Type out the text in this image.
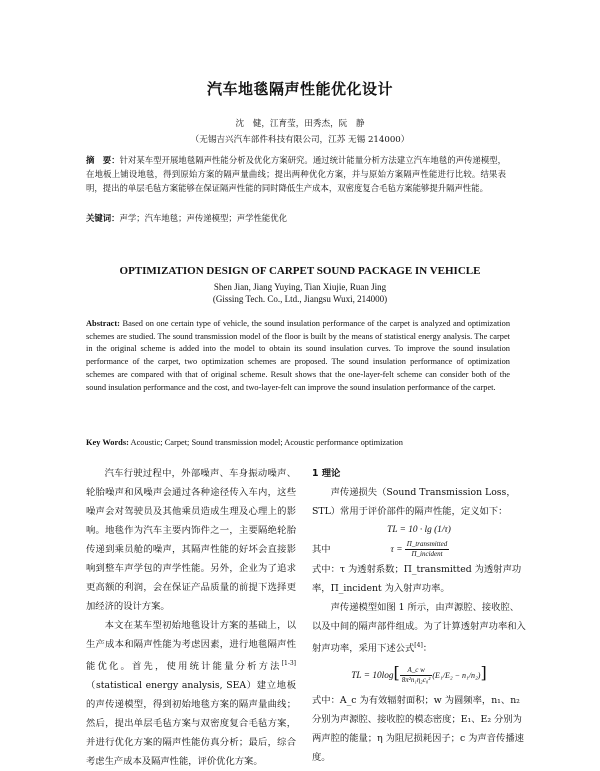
汽车地毯隔声性能优化设计
沈　健，江育莹，田秀杰，阮　静
（无锡吉兴汽车部件科技有限公司，江苏 无锡 214000）
摘　要：针对某车型开展地毯隔声性能分析及优化方案研究。通过统计能量分析方法建立汽车地毯的声传递模型，在地板上铺设地毯，得到原始方案的隔声量曲线；提出两种优化方案，并与原始方案隔声性能进行比较。结果表明，提出的单层毛毡方案能够在保证隔声性能的同时降低生产成本，双密度复合毛毡方案能够提升隔声性能。
关键词：声学；汽车地毯；声传递模型；声学性能优化
OPTIMIZATION DESIGN OF CARPET SOUND PACKAGE IN VEHICLE
Shen Jian, Jiang Yuying, Tian Xiujie, Ruan Jing
(Gissing Tech. Co., Ltd., Jiangsu Wuxi, 214000)
Abstract: Based on one certain type of vehicle, the sound insulation performance of the carpet is analyzed and optimization schemes are studied. The sound transmission model of the floor is built by the means of statistical energy analysis. The carpet in the original scheme is added into the model to obtain its sound insulation curves. To improve the sound insulation performance of the carpet, two optimization schemes are proposed. The sound insulation performance of optimization schemes are compared with that of original scheme. Result shows that the one-layer-felt scheme can consider both of the sound insulation performance and the cost, and two-layer-felt can improve the sound insulation performance of the carpet.
Key Words: Acoustic; Carpet; Sound transmission model; Acoustic performance optimization

汽车行驶过程中，外部噪声、车身振动噪声、轮胎噪声和风噪声会通过各种途径传入车内，这些噪声会对驾驶员及其他乘员造成生理及心理上的影响。地毯作为汽车主要内饰件之一，主要隔绝轮胎传递到乘员舱的噪声，其隔声性能的好坏会直接影响到整车声学包的声学性能。另外，企业为了追求更高额的利润，会在保证产品质量的前提下选择更加经济的设计方案。

本文在某车型初始地毯设计方案的基础上，以生产成本和隔声性能为考虑因素，进行地毯隔声性能优化。首先，使用统计能量分析方法[1-3]（statistical energy analysis, SEA）建立地板的声传递模型，得到初始地毯方案的隔声量曲线；然后，提出单层毛毡方案与双密度复合毛毡方案，并进行优化方案的隔声性能仿真分析；最后，综合考虑生产成本及隔声性能，评价优化方案。

1 理论

声传递损失（Sound Transmission Loss，STL）常用于评价部件的隔声性能，定义如下：

TL = 10 · lg (1/τ)

其中	$\tau = \frac{\text{Π\_transmitted}}{\text{Π\_incident}}$

式中：τ 为透射系数；Π_transmitted 为透射声功率，Π_incident 为入射声功率。

声传递模型如图 1 所示，由声源腔、接收腔、以及中间的隔声部件组成。为了计算透射声功率和入射声功率，采用下述公式[4]：

TL = $10\log[ \frac{\text{A\_c w}}{\text{8π²n₁η₂c₀²}} (E_1/E_2 - n_1/n_2)]$

式中：A_c 为有效辐射面积；w 为圆频率，n₁、n₂ 分别为声源腔、接收腔的模态密度；E₁、E₂ 分别为两声腔的能量；η 为阻尼损耗因子；c 为声音传播速度。
